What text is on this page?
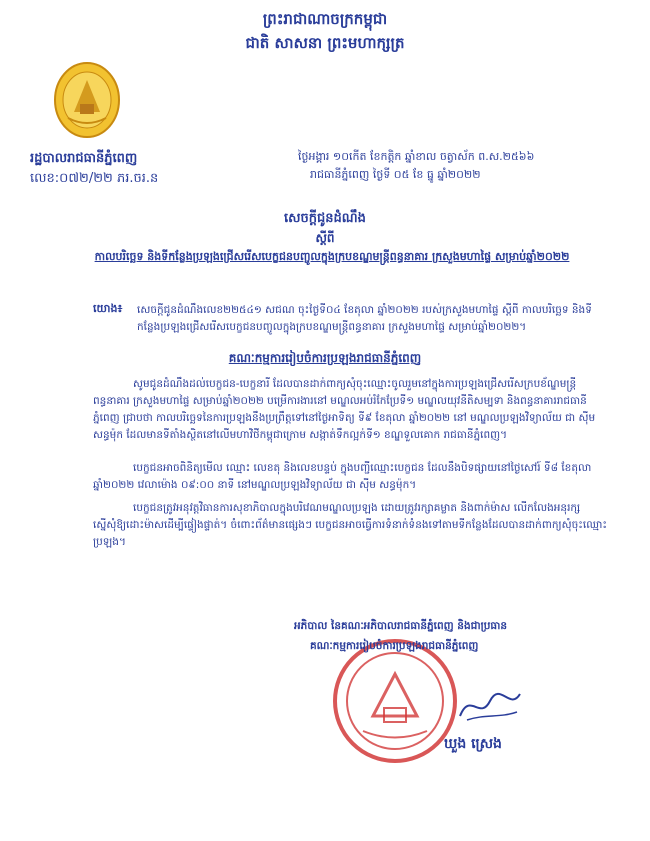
ព្រះរាជាណាចក្រកម្ពុជា
ជាតិ សាសនា ព្រះមហាក្សត្រ
រដ្ឋបាលរាជធានីភ្នំពេញ
លេខ:០៧២/២២ ភរ.ចរ.ន
ថ្ងៃអង្គារ ១០កើត ខែកត្តិក ឆ្នាំខាល ចត្វាស័ក ព.ស.២៥៦៦
រាជធានីភ្នំពេញ ថ្ងៃទី ០៥ ខែ ធ្នូ ឆ្នាំ២០២២
សេចក្តីជូនដំណឹង
ស្តីពី
កាលបរិច្ឆេទ និងទីកន្លែងប្រឡងជ្រើសរើសបេក្ខជនបញ្ចូលក្នុងក្របខណ្ឌមន្ត្រីពន្ធនាគារ ក្រសួងមហាផ្ទៃ សម្រាប់ឆ្នាំ២០២២
យោង៖ សេចក្តីជូនដំណឹងលេខ២២៥៤១ សជណ ចុះថ្ងៃទី០៤ ខែតុលា ឆ្នាំ២០២២ របស់ក្រសួងមហាផ្ទៃ ស្តីពី កាលបរិច្ឆេទ និងទីកន្លែងប្រឡងជ្រើសរើសបេក្ខជនបញ្ចូលក្នុងក្របខណ្ឌមន្ត្រីពន្ធនាគារ ក្រសួងមហាផ្ទៃ សម្រាប់ឆ្នាំ២០២២។
គណៈកម្មការរៀបចំការប្រឡងរាជធានីភ្នំពេញ
សូមជូនដំណឹងដល់បេក្ខជន-បេក្ខនារី ដែលបានដាក់ពាក្យសុំចុះឈ្មោះចូលរួមនៅក្នុងការប្រឡងជ្រើសរើសក្របខ័ណ្ឌមន្ត្រីពន្ធនាគារ ក្រសួងមហាផ្ទៃ សម្រាប់ឆ្នាំ២០២២ បម្រើការងារនៅ មណ្ឌលអប់រំកែប្រែទី១ មណ្ឌលយុវនីតិសម្បទា និងពន្ធនាគាររាជធានីភ្នំពេញ ជ្រាបថា កាលបរិច្ឆេទនៃការប្រឡងនឹងប្រព្រឹត្តទៅនៅថ្ងៃអាទិត្យ ទី៩ ខែតុលា ឆ្នាំ២០២២ នៅ មណ្ឌលប្រឡងវិទ្យាល័យ ជា ស៊ីម សន្ធម៉ុក ដែលមានទីតាំងស្ថិតនៅលើមហាវិថីកម្ពុជាក្រោម សង្កាត់ទឹកល្អក់ទី១ ខណ្ឌទួលគោក រាជធានីភ្នំពេញ។
បេក្ខជនអាចពិនិត្យមើល ឈ្មោះ លេខតុ និងលេខបន្ទប់ ក្នុងបញ្ជីឈ្មោះបេក្ខជន ដែលនឹងបិទផ្សាយនៅថ្ងៃសៅរ៍ ទី៨ ខែតុលា ឆ្នាំ២០២២ វេលាម៉ោង ០៩:០០ នាទី នៅមណ្ឌលប្រឡងវិទ្យាល័យ ជា ស៊ីម សន្ធម៉ុក។
បេក្ខជនត្រូវអនុវត្តវិធានការសុខាភិបាលក្នុងបរិវេណមណ្ឌលប្រឡង ដោយត្រូវរក្សាគម្លាត និងពាក់ម៉ាស លើកលែងអនុរក្សស្នើសុំឱ្យដោះម៉ាសដើម្បីផ្ទៀងផ្ទាត់។ ចំពោះព័ត៌មានផ្សេងៗ បេក្ខជនអាចធ្វើការទំនាក់ទំនងទៅតាមទីកន្លែងដែលបានដាក់ពាក្យសុំចុះឈ្មោះប្រឡង។
អភិបាល នៃគណៈអភិបាលរាជធានីភ្នំពេញ និងជាប្រធាន
គណៈកម្មការរៀបចំការប្រឡងរាជធានីភ្នំពេញ
ឃួង ស្រេង
